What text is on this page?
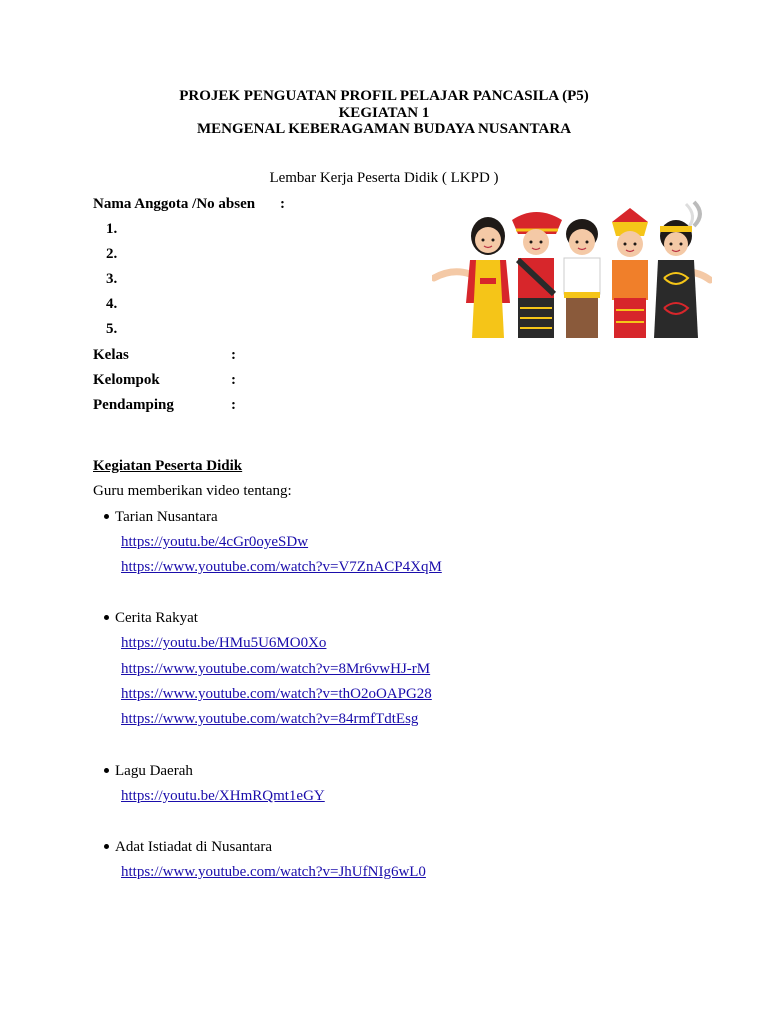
PROJEK PENGUATAN PROFIL PELAJAR PANCASILA (P5)
KEGIATAN 1
MENGENAL KEBERAGAMAN BUDAYA NUSANTARA
Lembar Kerja Peserta Didik ( LKPD )
Nama Anggota /No absen :
1.
2.
3.
4.
5.
Kelas	:
Kelompok	:
Pendamping	:
Kegiatan Peserta Didik
Guru memberikan video tentang:
Tarian Nusantara
https://youtu.be/4cGr0oyeSDw
https://www.youtube.com/watch?v=V7ZnACP4XqM
Cerita Rakyat
https://youtu.be/HMu5U6MO0Xo
https://www.youtube.com/watch?v=8Mr6vwHJ-rM
https://www.youtube.com/watch?v=thO2oOAPG28
https://www.youtube.com/watch?v=84rmfTdtEsg
Lagu Daerah
https://youtu.be/XHmRQmt1eGY
Adat Istiadat di Nusantara
https://www.youtube.com/watch?v=JhUfNIg6wL0
